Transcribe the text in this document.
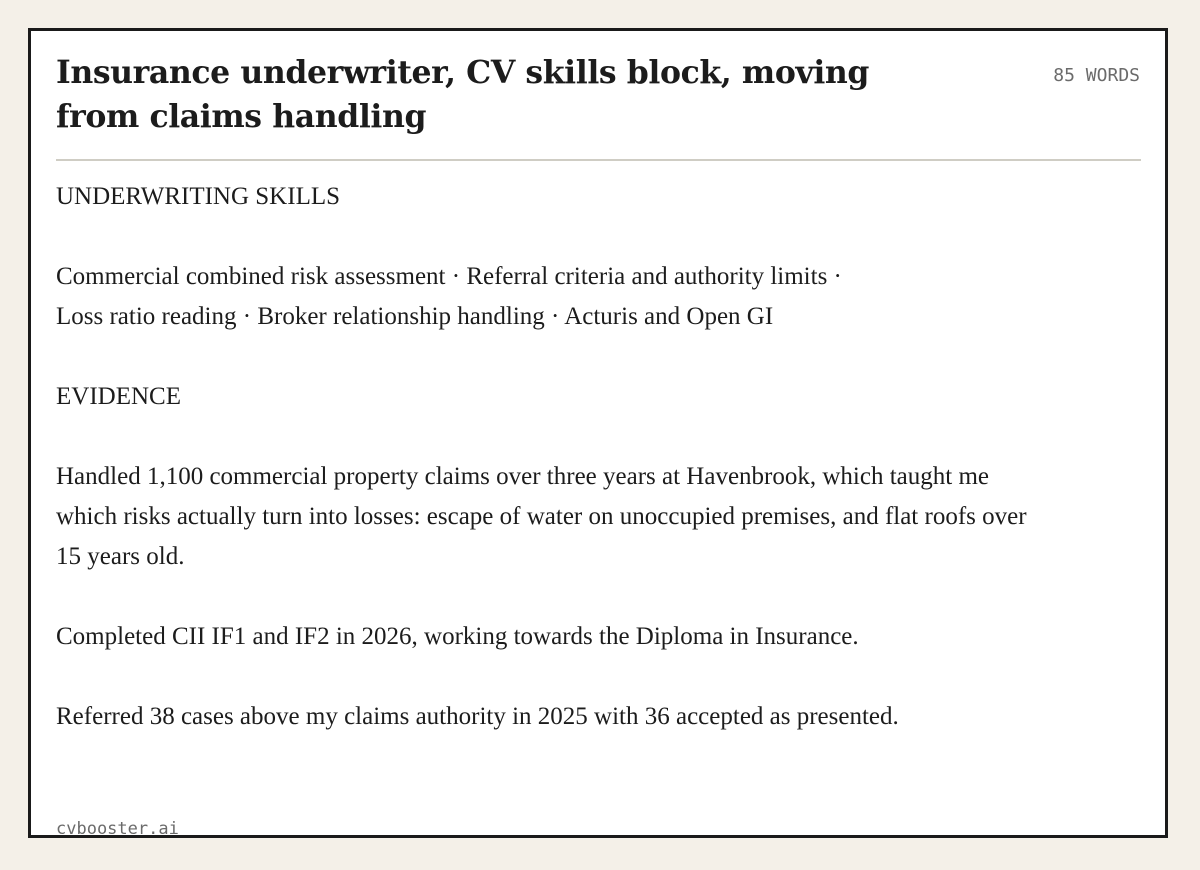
Insurance underwriter, CV skills block, moving from claims handling
85 WORDS

UNDERWRITING SKILLS

Commercial combined risk assessment · Referral criteria and authority limits ·
Loss ratio reading · Broker relationship handling · Acturis and Open GI

EVIDENCE

Handled 1,100 commercial property claims over three years at Havenbrook, which taught me which risks actually turn into losses: escape of water on unoccupied premises, and flat roofs over 15 years old.

Completed CII IF1 and IF2 in 2026, working towards the Diploma in Insurance.

Referred 38 cases above my claims authority in 2025 with 36 accepted as presented.

cvbooster.ai
